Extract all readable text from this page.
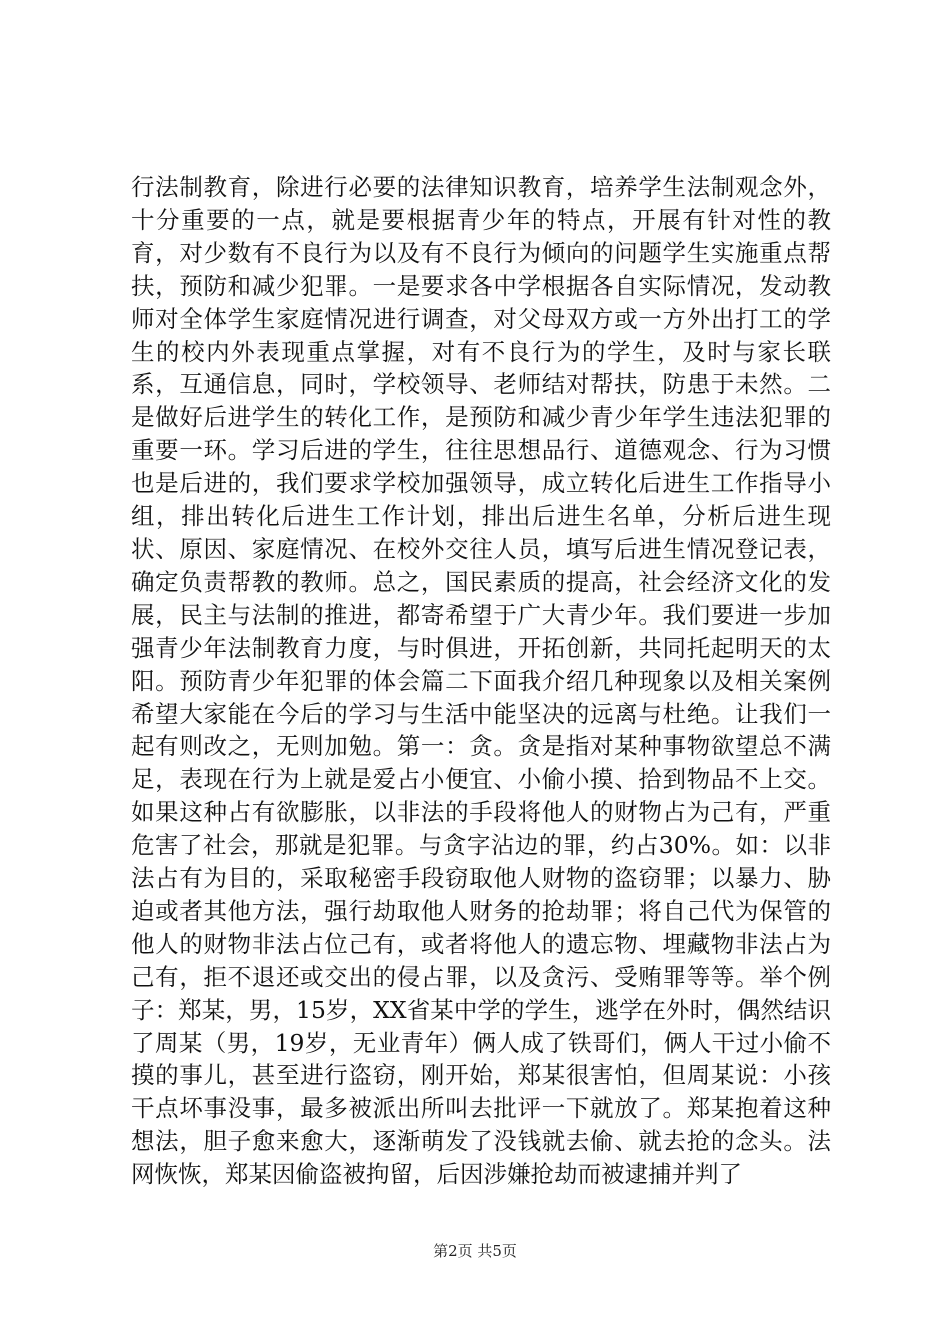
行法制教育，除进行必要的法律知识教育，培养学生法制观念外，十分重要的一点，就是要根据青少年的特点，开展有针对性的教育，对少数有不良行为以及有不良行为倾向的问题学生实施重点帮扶，预防和减少犯罪。一是要求各中学根据各自实际情况，发动教师对全体学生家庭情况进行调查，对父母双方或一方外出打工的学生的校内外表现重点掌握，对有不良行为的学生，及时与家长联系，互通信息，同时，学校领导、老师结对帮扶，防患于未然。二是做好后进学生的转化工作，是预防和减少青少年学生违法犯罪的重要一环。学习后进的学生，往往思想品行、道德观念、行为习惯也是后进的，我们要求学校加强领导，成立转化后进生工作指导小组，排出转化后进生工作计划，排出后进生名单，分析后进生现状、原因、家庭情况、在校外交往人员，填写后进生情况登记表，确定负责帮教的教师。总之，国民素质的提高，社会经济文化的发展，民主与法制的推进，都寄希望于广大青少年。我们要进一步加强青少年法制教育力度，与时俱进，开拓创新，共同托起明天的太阳。预防青少年犯罪的体会篇二下面我介绍几种现象以及相关案例希望大家能在今后的学习与生活中能坚决的远离与杜绝。让我们一起有则改之，无则加勉。第一：贪。贪是指对某种事物欲望总不满足，表现在行为上就是爱占小便宜、小偷小摸、拾到物品不上交。如果这种占有欲膨胀，以非法的手段将他人的财物占为己有，严重危害了社会，那就是犯罪。与贪字沾边的罪，约占30%。如：以非法占有为目的，采取秘密手段窃取他人财物的盗窃罪；以暴力、胁迫或者其他方法，强行劫取他人财务的抢劫罪；将自己代为保管的他人的财物非法占位己有，或者将他人的遗忘物、埋藏物非法占为己有，拒不退还或交出的侵占罪，以及贪污、受贿罪等等。举个例子：郑某，男，15岁，XX省某中学的学生，逃学在外时，偶然结识了周某（男，19岁，无业青年）俩人成了铁哥们，俩人干过小偷不摸的事儿，甚至进行盗窃，刚开始，郑某很害怕，但周某说：小孩干点坏事没事，最多被派出所叫去批评一下就放了。郑某抱着这种想法，胆子愈来愈大，逐渐萌发了没钱就去偷、就去抢的念头。法网恢恢，郑某因偷盗被拘留，后因涉嫌抢劫而被逮捕并判了

第2页 共5页
